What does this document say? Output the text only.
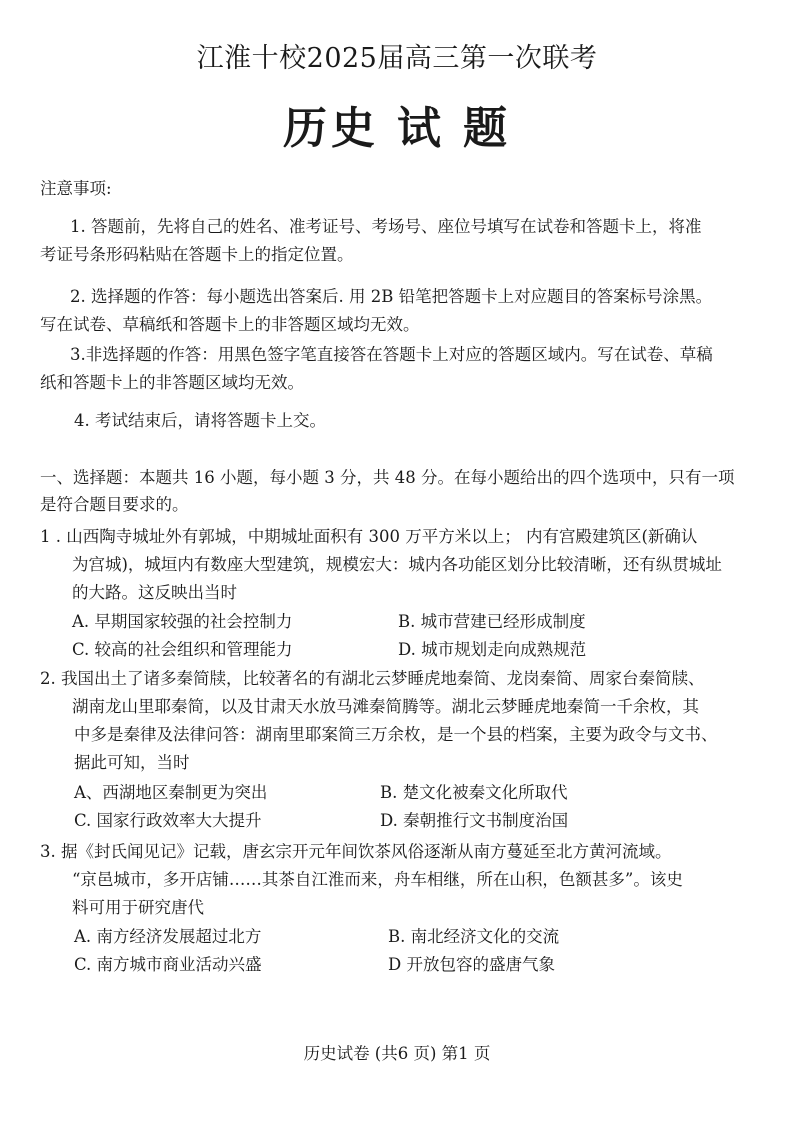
江淮十校2025届高三第一次联考
历史 试 题
注意事项:
1. 答题前，先将自己的姓名、准考证号、考场号、座位号填写在试卷和答题卡上，将准
考证号条形码粘贴在答题卡上的指定位置。
2. 选择题的作答：每小题选出答案后. 用 2B 铅笔把答题卡上对应题目的答案标号涂黑。
写在试卷、草稿纸和答题卡上的非答题区域均无效。
3.非选择题的作答：用黑色签字笔直接答在答题卡上对应的答题区域内。写在试卷、草稿
纸和答题卡上的非答题区域均无效。
4. 考试结束后，请将答题卡上交。
一、选择题：本题共 16 小题，每小题 3 分，共 48 分。在每小题给出的四个选项中，只有一项
是符合题目要求的。
1 . 山西陶寺城址外有郭城，中期城址面积有 300 万平方米以上； 内有宫殿建筑区(新确认
为宫城)，城垣内有数座大型建筑，规模宏大：城内各功能区划分比较清晰，还有纵贯城址
的大路。这反映出当时
A. 早期国家较强的社会控制力	B. 城市营建已经形成制度
C. 较高的社会组织和管理能力	D. 城市规划走向成熟规范
2. 我国出土了诸多秦简牍，比较著名的有湖北云梦睡虎地秦简、龙岗秦简、周家台秦简牍、
湖南龙山里耶秦简，以及甘肃天水放马滩秦简腾等。湖北云梦睡虎地秦简一千余枚，其
中多是秦律及法律问答：湖南里耶案简三万余枚，是一个县的档案，主要为政令与文书、
据此可知，当时
A、西湖地区秦制更为突出	B. 楚文化被秦文化所取代
C. 国家行政效率大大提升	D. 秦朝推行文书制度治国
3. 据《封氏闻见记》记载，唐玄宗开元年间饮茶风俗逐渐从南方蔓延至北方黄河流域。
“京邑城市，多开店铺……其茶自江淮而来，舟车相继，所在山积，色额甚多”。该史
料可用于研究唐代
A. 南方经济发展超过北方	B. 南北经济文化的交流
C. 南方城市商业活动兴盛	D 开放包容的盛唐气象
历史试卷 (共6 页) 第1 页
